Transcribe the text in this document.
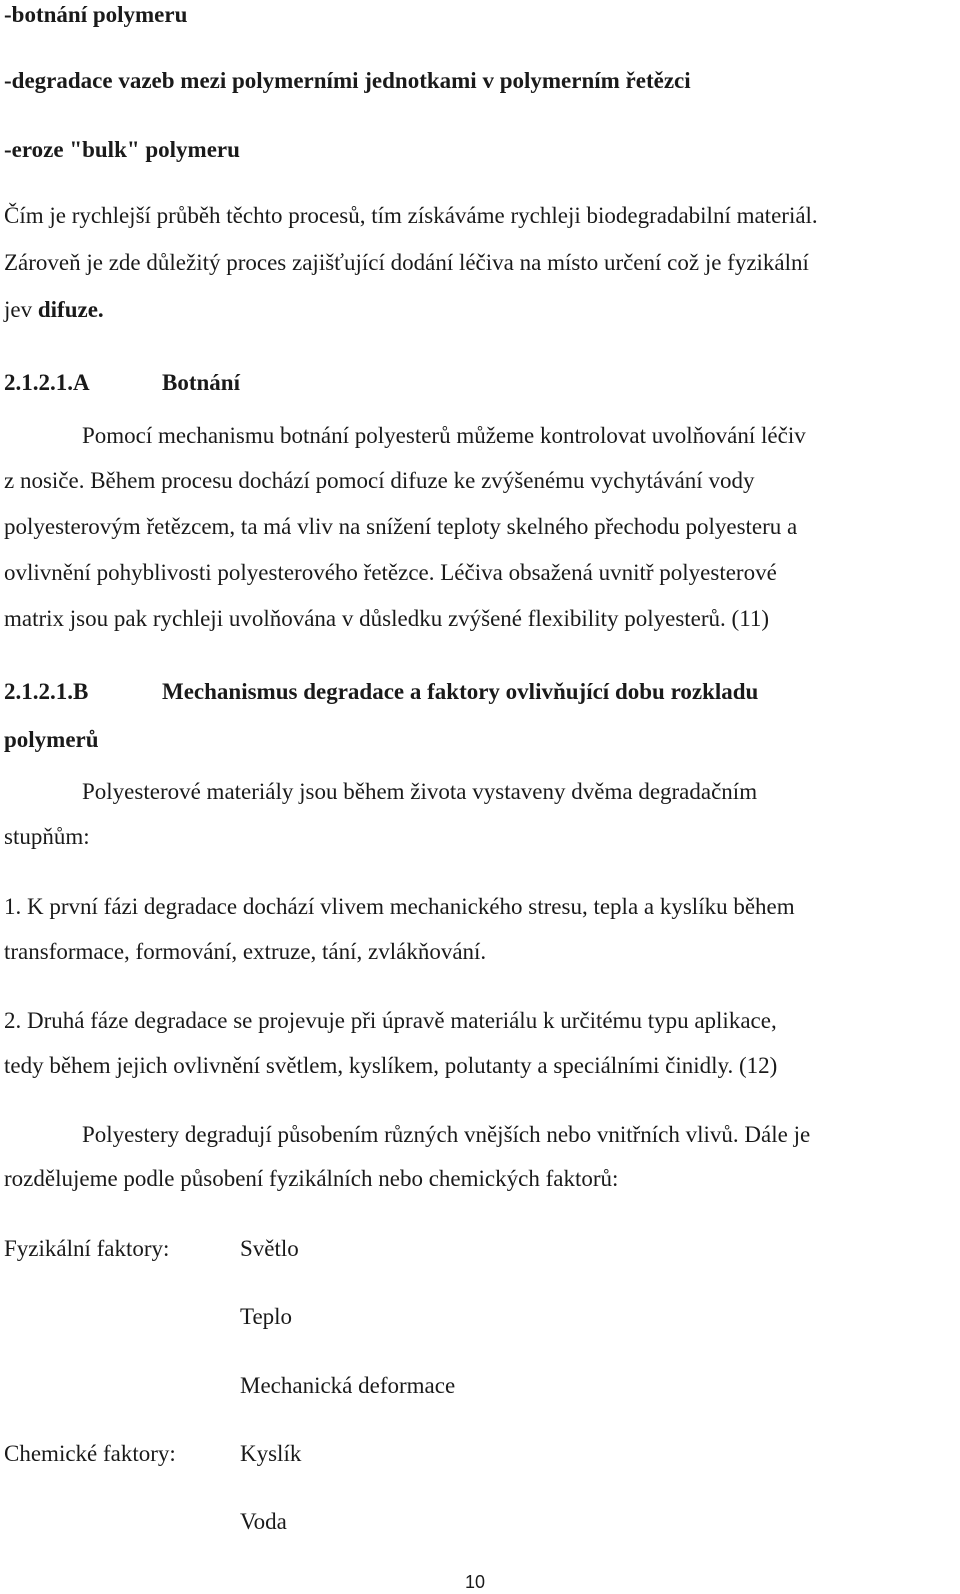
-botnání polymeru
-degradace vazeb mezi polymerními jednotkami v polymerním řetězci
-eroze "bulk" polymeru
Čím je rychlejší průběh těchto procesů, tím získáváme rychleji biodegradabilní materiál.
Zároveň je zde důležitý proces zajišťující dodání léčiva na místo určení což je fyzikální
jev difuze.
2.1.2.1.A	Botnání
Pomocí mechanismu botnání polyesterů můžeme kontrolovat uvolňování léčiv
z nosiče. Během procesu dochází pomocí difuze ke zvýšenému vychytávání vody
polyesterovým řetězcem, ta má vliv na snížení teploty skelného přechodu polyesteru a
ovlivnění pohyblivosti polyesterového řetězce. Léčiva obsažená uvnitř polyesterové
matrix jsou pak rychleji uvolňována v důsledku zvýšené flexibility polyesterů. (11)
2.1.2.1.B	Mechanismus degradace a faktory ovlivňující dobu rozkladu
polymerů
Polyesterové materiály jsou během života vystaveny dvěma degradačním
stupňům:
1. K první fázi degradace dochází vlivem mechanického stresu, tepla a kyslíku během
transformace, formování, extruze, tání, zvlákňování.
2. Druhá fáze degradace se projevuje při úpravě materiálu k určitému typu aplikace,
tedy během jejich ovlivnění světlem, kyslíkem, polutanty a speciálními činidly. (12)
Polyestery degradují působením různých vnějších nebo vnitřních vlivů. Dále je
rozdělujeme podle působení fyzikálních nebo chemických faktorů:
Fyzikální faktory:	Světlo
Teplo
Mechanická deformace
Chemické faktory:	Kyslík
Voda
10
